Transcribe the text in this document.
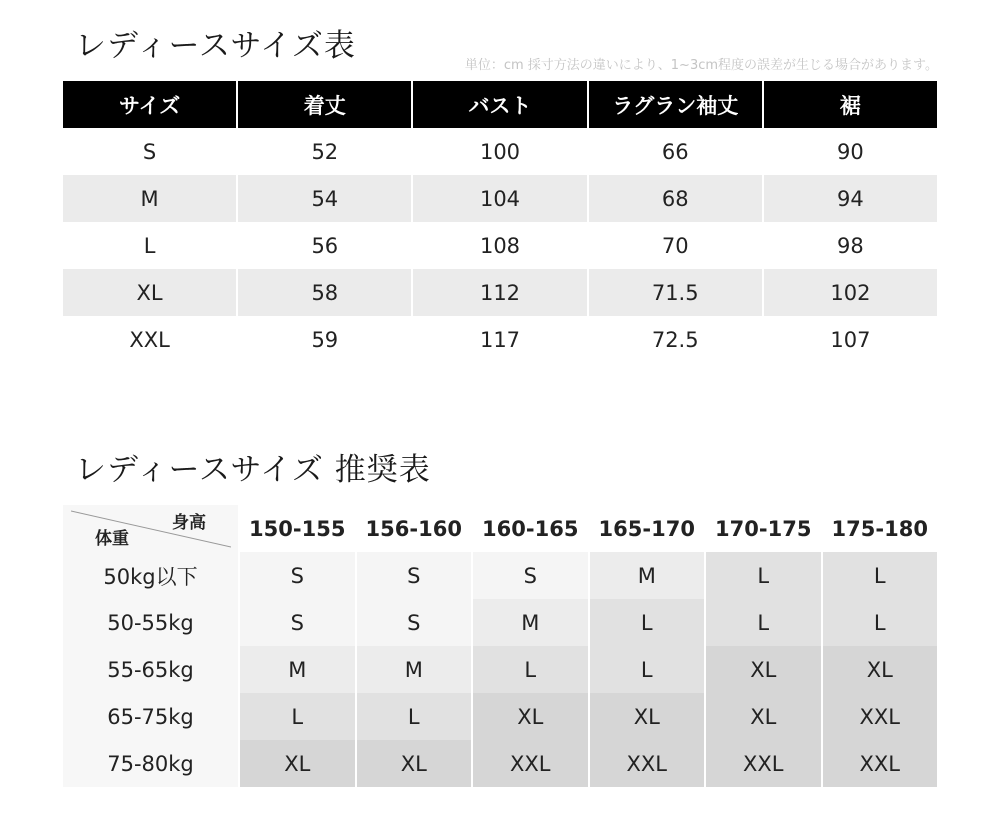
レディースサイズ表
単位：cm 採寸方法の違いにより、1~3cm程度の誤差が生じる場合があります。
サイズ	着丈	バスト	ラグラン袖丈	裾
S	52	100	66	90
M	54	104	68	94
L	56	108	70	98
XL	58	112	71.5	102
XXL	59	117	72.5	107
レディースサイズ 推奨表
身高
体重	150-155 156-160 160-165 165-170 170-175 175-180
50kg以下	S	S	S	M	L	L
50-55kg	S	S	M	L	L	L
55-65kg	M	M	L	L	XL	XL
65-75kg	L	L	XL	XL	XL	XXL
75-80kg	XL	XL	XXL	XXL	XXL	XXL
